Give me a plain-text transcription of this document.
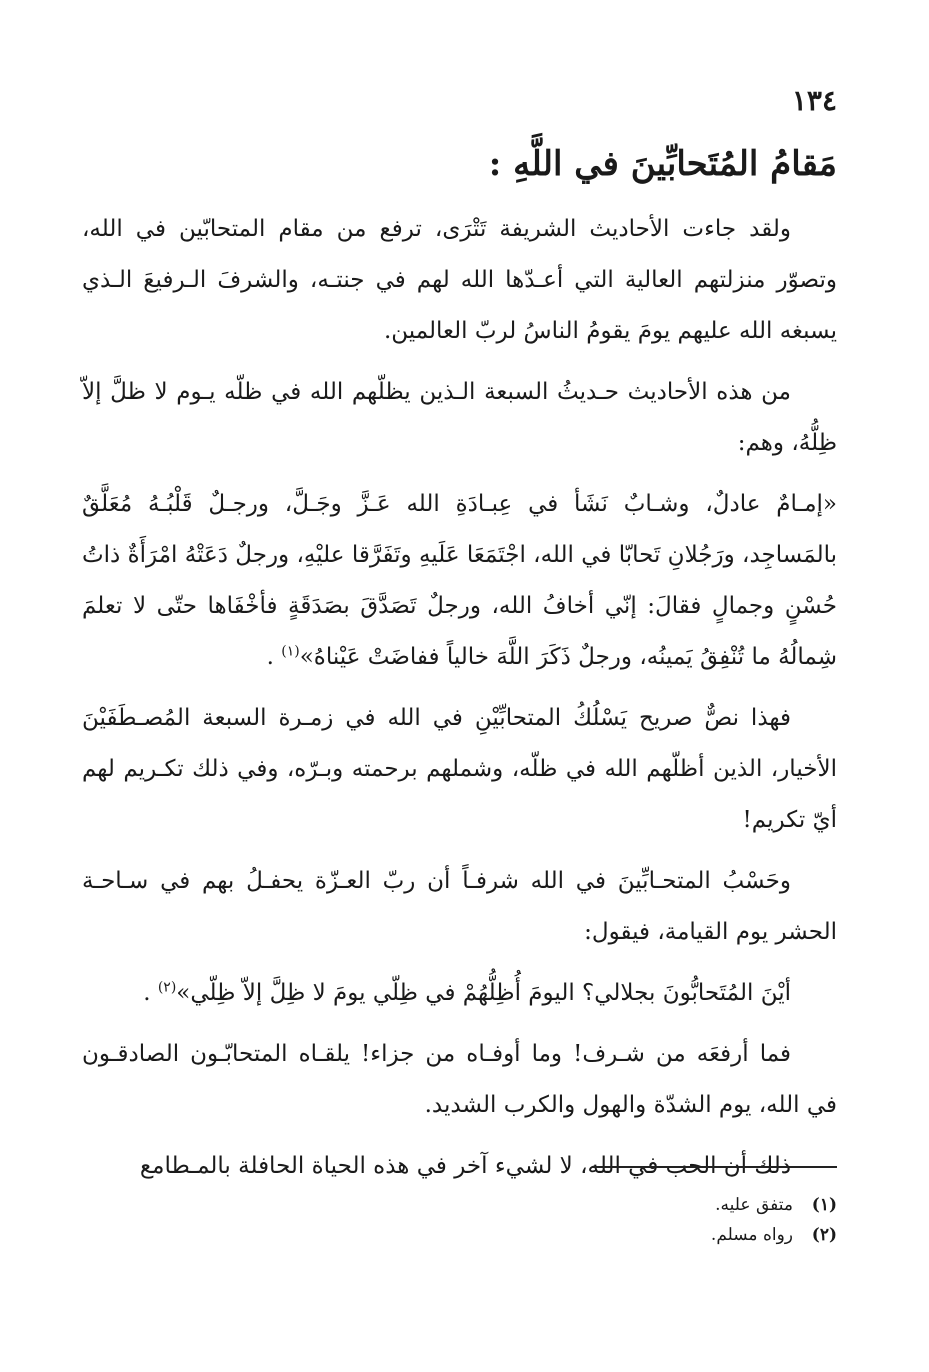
١٣٤
مَقامُ المُتَحابِّينَ في اللَّهِ :

ولقد جاءت الأحاديث الشريفة تَتْرَى، ترفع من مقام المتحابّين في الله، وتصوّر منزلتهم العالية التي أعـدّها الله لهم في جنتـه، والشرفَ الـرفيعَ الـذي يسبغه الله عليهم يومَ يقومُ الناسُ لربّ العالمين.

من هذه الأحاديث حـديثُ السبعة الـذين يظلّهم الله في ظلّه يـوم لا ظلَّ إلاّ ظِلُّهُ، وهم:

«إمـامٌ عادلٌ، وشـابٌ نَشَأ في عِبـادَةِ الله عَـزَّ وجَـلَّ، ورجـلٌ قَلْبُـهُ مُعَلَّقٌ بالمَساجِد، ورَجُلانِ تَحابّا في الله، اجْتَمَعَا عَلَيهِ وتَفَرَّقا عليْهِ، ورجلٌ دَعَتْهُ امْرَأَةٌ ذاتُ حُسْنٍ وجمالٍ فقالَ: إنّي أخافُ الله، ورجلٌ تَصَدَّقَ بصَدَقَةٍ فأخْفَاها حتّى لا تعلمَ شِمالُهُ ما تُنْفِقُ يَمينُه، ورجلٌ ذَكَرَ اللَّهَ خالياً ففاضَتْ عَيْناهُ»$^{(١)}$ .

فهذا نصٌّ صريح يَسْلُكُ المتحابِّيْنِ في الله في زمـرة السبعة المُصـطَفَيْنَ الأخيار، الذين أظلّهم الله في ظلّه، وشملهم برحمته وبـرّه، وفي ذلك تكـريم لهم أيّ تكريم!

وحَسْبُ المتحـابِّينَ في الله شرفـاً أن ربّ العـزّة يحفـلُ بهم في سـاحـة الحشر يوم القيامة، فيقول:

أيْنَ المُتَحابُّونَ بجلالي؟ اليومَ أُظِلُّهُمْ في ظِلّي يومَ لا ظِلَّ إلاّ ظِلّي»$^{(٢)}$ .

فما أرفعَه من شـرف! وما أوفـاه من جزاء! يلقـاه المتحابّـون الصادقـون في الله، يوم الشدّة والهول والكرب الشديد.

ذلك أن الحب في الله، لا لشيء آخر في هذه الحياة الحافلة بالمـطامع

(١)متفق عليه.
(٢)رواه مسلم.
